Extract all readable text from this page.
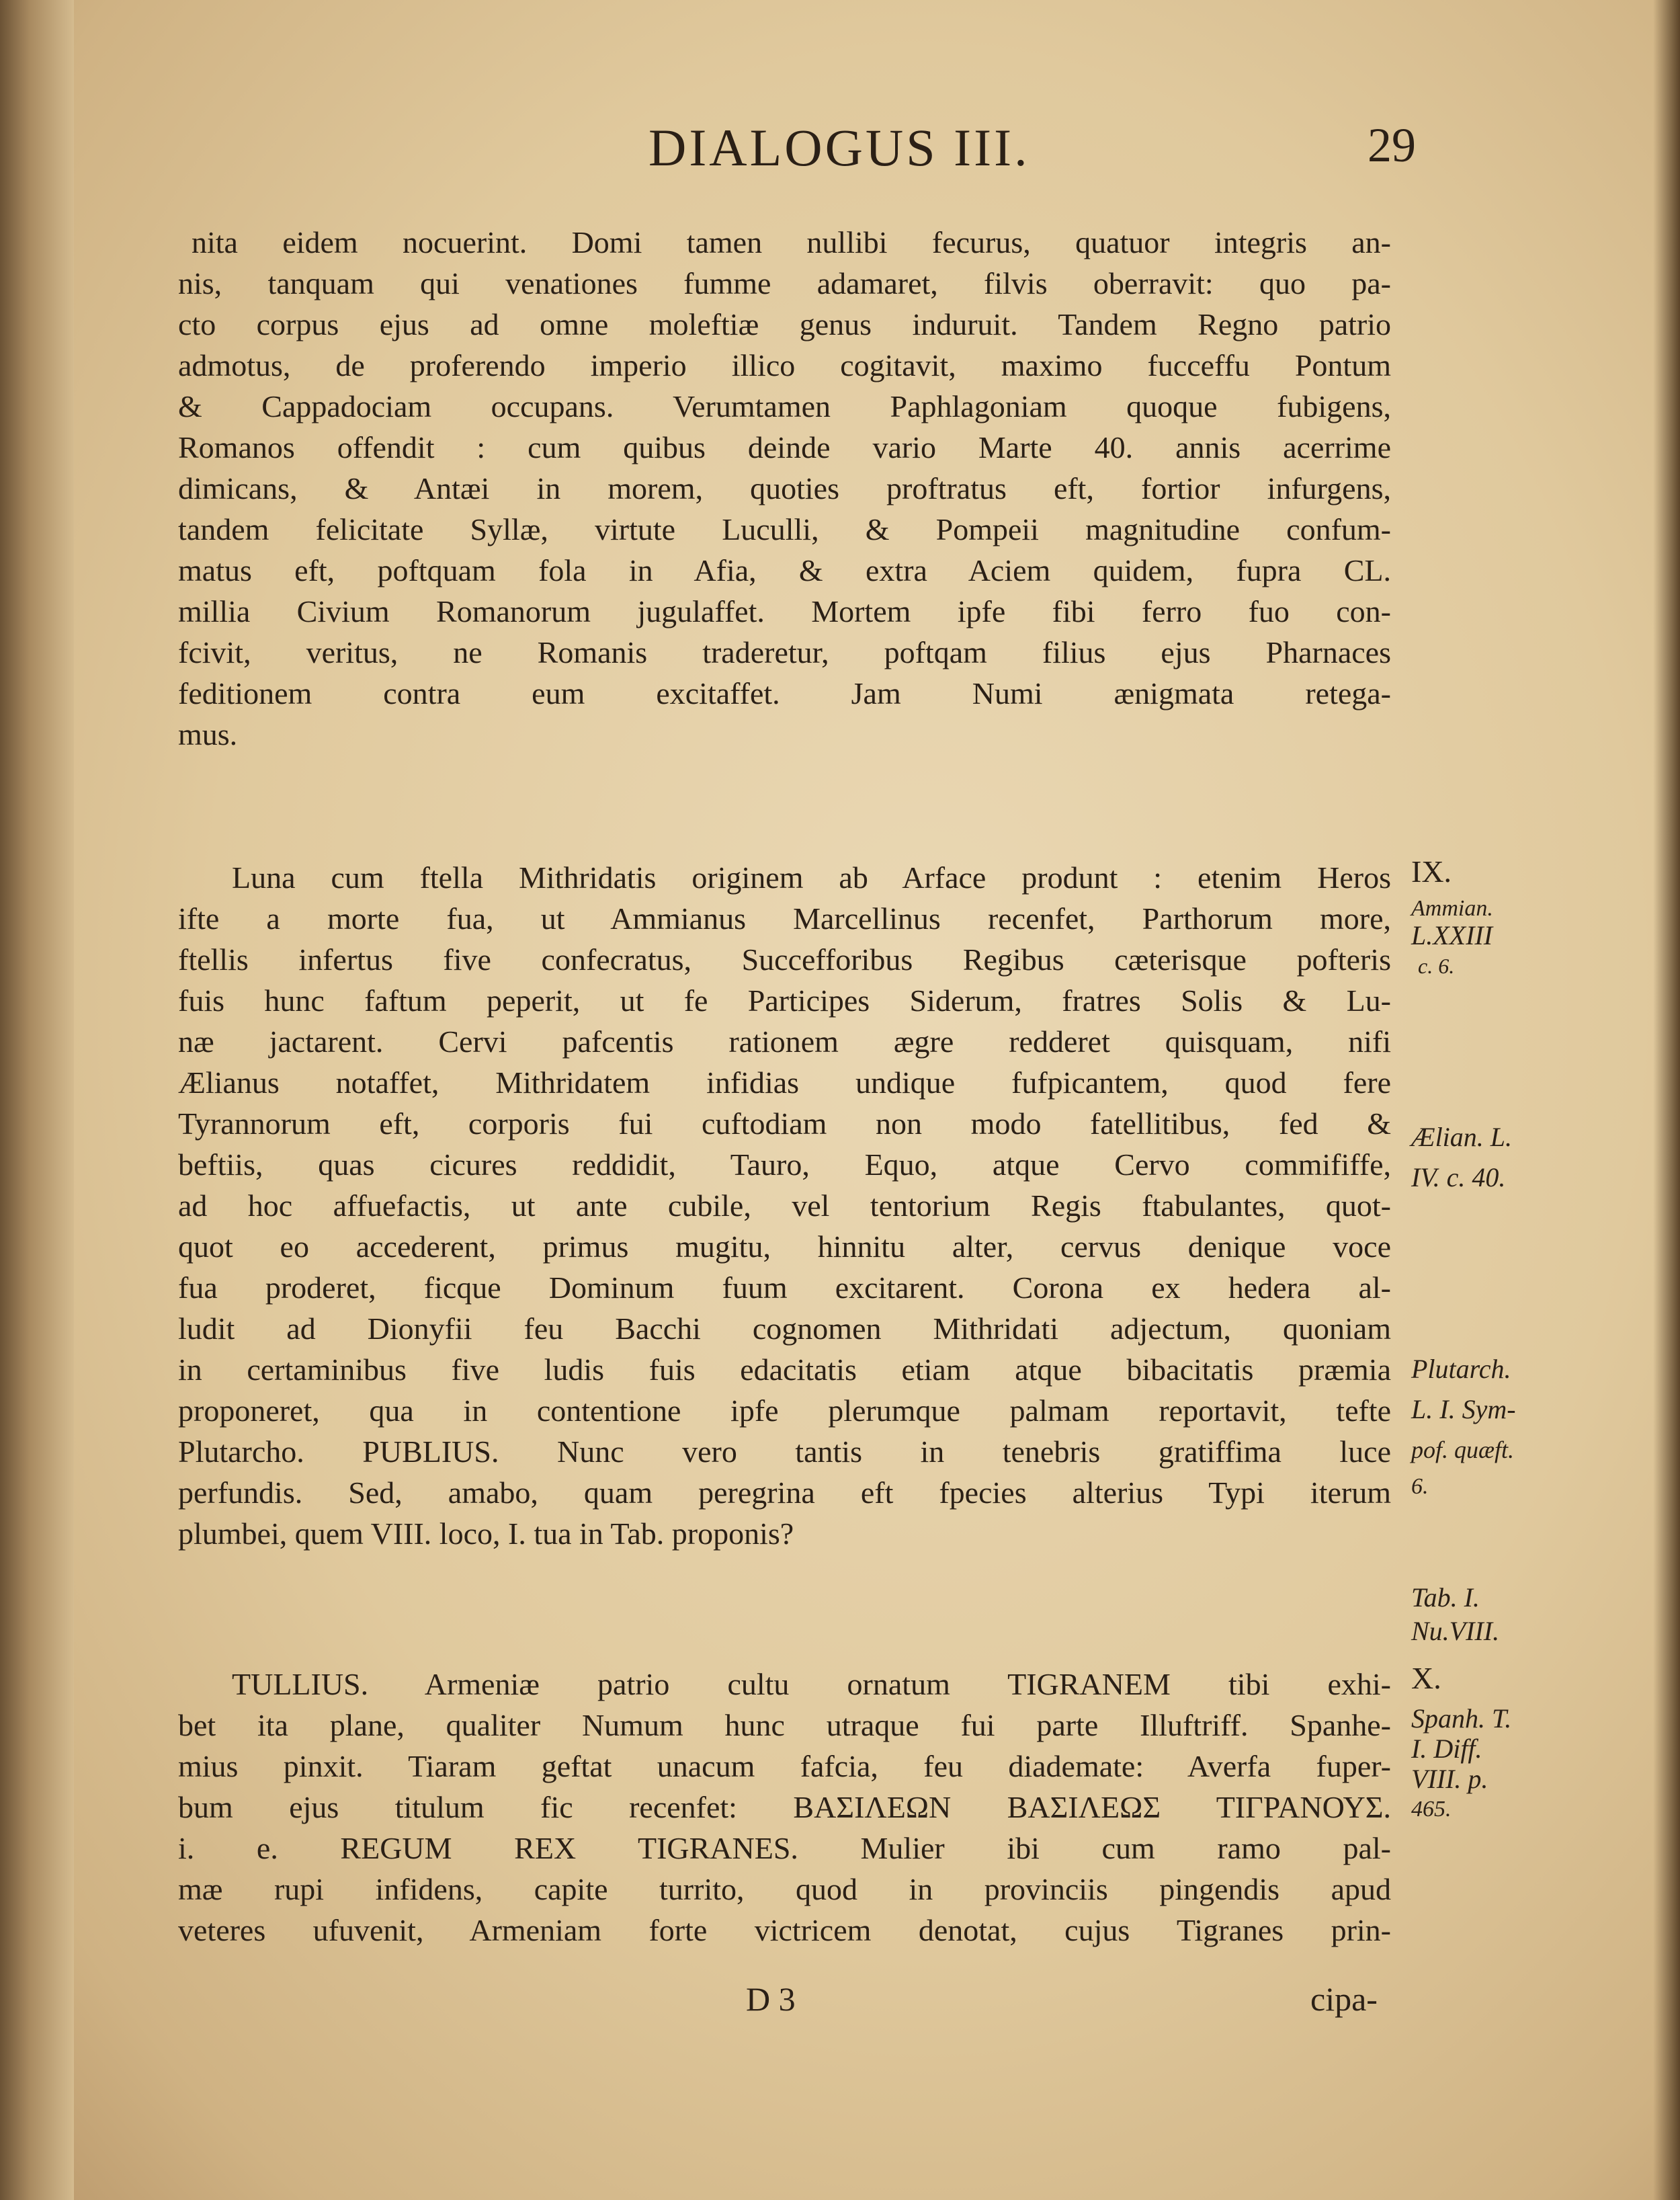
DIALOGUS III.	29
nita eidem nocuerint. Domi tamen nullibi fecurus, quatuor integris an-
nis, tanquam qui venationes fumme adamaret, filvis oberravit: quo pa-
cto corpus ejus ad omne moleftiæ genus induruit. Tandem Regno patrio
admotus, de proferendo imperio illico cogitavit, maximo fucceffu Pontum
& Cappadociam occupans. Verumtamen Paphlagoniam quoque fubigens,
Romanos offendit : cum quibus deinde vario Marte 40. annis acerrime
dimicans, & Antæi in morem, quoties proftratus eft, fortior infurgens,
tandem felicitate Syllæ, virtute Luculli, & Pompeii magnitudine confum-
matus eft, poftquam fola in Afia, & extra Aciem quidem, fupra CL.
millia Civium Romanorum jugulaffet. Mortem ipfe fibi ferro fuo con-
fcivit, veritus, ne Romanis traderetur, poftqam filius ejus Pharnaces
feditionem contra eum excitaffet. Jam Numi ænigmata retega-
mus.
Luna cum ftella Mithridatis originem ab Arface produnt : etenim Heros
ifte a morte fua, ut Ammianus Marcellinus recenfet, Parthorum more,
ftellis infertus five confecratus, Succefforibus Regibus cæterisque pofteris
fuis hunc faftum peperit, ut fe Participes Siderum, fratres Solis & Lu-
næ jactarent. Cervi pafcentis rationem ægre redderet quisquam, nifi
Ælianus notaffet, Mithridatem infidias undique fufpicantem, quod fere
Tyrannorum eft, corporis fui cuftodiam non modo fatellitibus, fed &
beftiis, quas cicures reddidit, Tauro, Equo, atque Cervo commififfe,
ad hoc affuefactis, ut ante cubile, vel tentorium Regis ftabulantes, quot-
quot eo accederent, primus mugitu, hinnitu alter, cervus denique voce
fua proderet, ficque Dominum fuum excitarent. Corona ex hedera al-
ludit ad Dionyfii feu Bacchi cognomen Mithridati adjectum, quoniam
in certaminibus five ludis fuis edacitatis etiam atque bibacitatis præmia
proponeret, qua in contentione ipfe plerumque palmam reportavit, tefte
Plutarcho. PUBLIUS. Nunc vero tantis in tenebris gratiffima luce
perfundis. Sed, amabo, quam peregrina eft fpecies alterius Typi iterum
plumbei, quem VIII. loco, I. tua in Tab. proponis?
TULLIUS. Armeniæ patrio cultu ornatum TIGRANEM tibi exhi-
bet ita plane, qualiter Numum hunc utraque fui parte Illuftriff. Spanhe-
mius pinxit. Tiaram geftat unacum fafcia, feu diademate: Averfa fuper-
bum ejus titulum fic recenfet: ΒΑΣΙΛΕΩΝ ΒΑΣΙΛΕΩΣ ΤΙΓΡΑΝΟΥΣ.
i. e. REGUM REX TIGRANES. Mulier ibi cum ramo pal-
mæ rupi infidens, capite turrito, quod in provinciis pingendis apud
veteres ufuvenit, Armeniam forte victricem denotat, cujus Tigranes prin-
IX.
Ammian.
L.XXIII
c. 6.
Ælian. L.
IV. c. 40.
Plutarch.
L. I. Sym-
pof. quæft.
6.
Tab. I.
Nu.VIII.
X.
Spanh. T.
I. Diff.
VIII. p.
465.
D 3	cipa-
